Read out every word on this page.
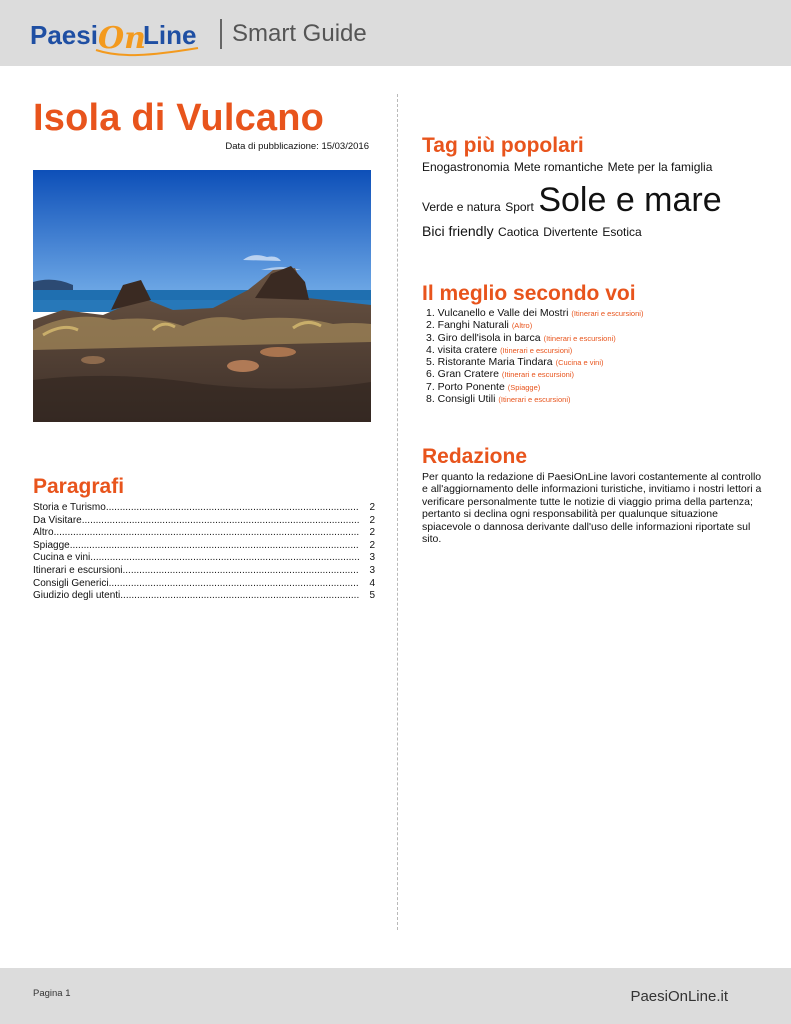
Paesi On
Line Smart Guide
Isola di Vulcano
Data di pubblicazione: 15/03/2016
Paragrafi
Storia e Turismo .....	2
Da Visitare .....	2
Altro .....	2
Spiagge .....	2
Cucina e vini .....	3
Itinerari e escursioni .....	3
Consigli Generici .....	4
Giudizio degli utenti .....	5
Tag più popolari
Enogastronomia Mete romantiche Mete per la famiglia
Verde e natura Sport Sole e mare
Bici friendly Caotica Divertente Esotica
Il meglio secondo voi
1. Vulcanello e Valle dei Mostri (Itinerari e escursioni)
2. Fanghi Naturali (Altro)
3. Giro dell'isola in barca (Itinerari e escursioni)
4. visita cratere (Itinerari e escursioni)
5. Ristorante Maria Tindara (Cucina e vini)
6. Gran Cratere (Itinerari e escursioni)
7. Porto Ponente (Spiagge)
8. Consigli Utili (Itinerari e escursioni)
Redazione

Per quanto la redazione di PaesiOnLine lavori costantemente al controllo e all'aggiornamento delle informazioni turistiche, invitiamo i nostri lettori a verificare personalmente tutte le notizie di viaggio prima della partenza; pertanto si declina ogni responsabilità per qualunque situazione spiacevole o dannosa derivante dall'uso delle informazioni riportate sul sito.

Pagina 1	PaesiOnLine.it
